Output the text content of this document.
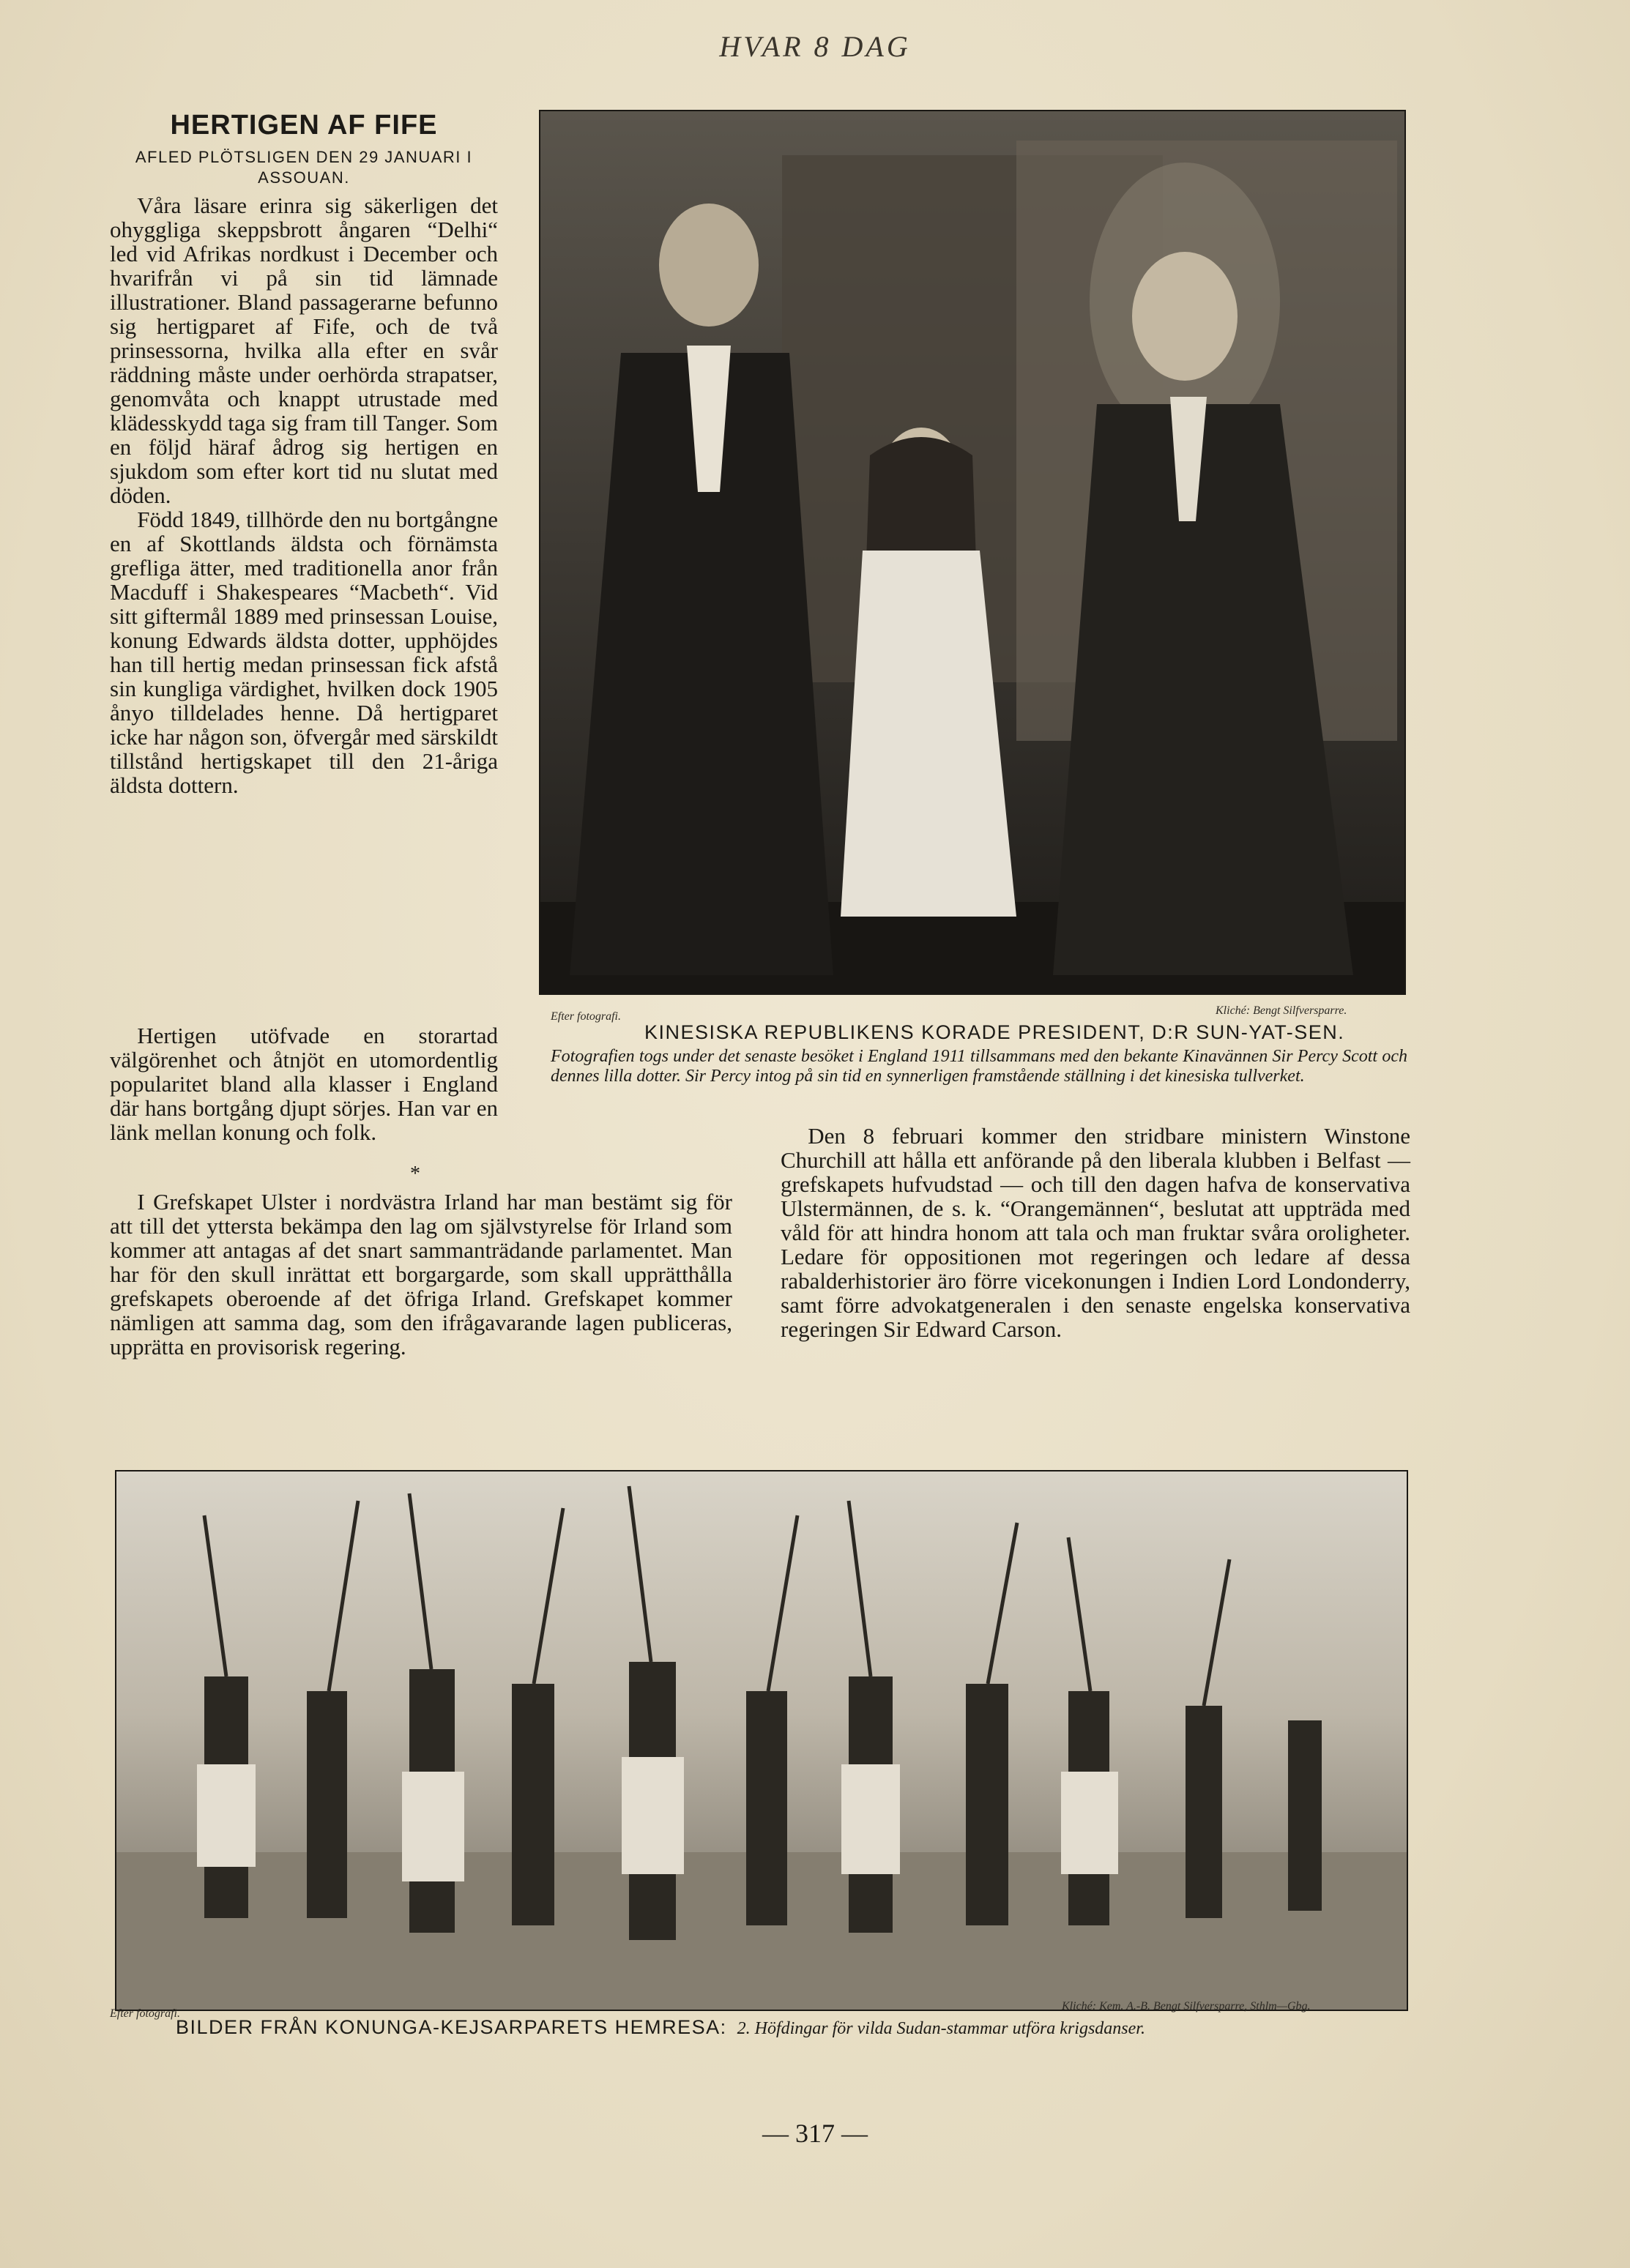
HVAR 8 DAG
HERTIGEN AF FIFE
AFLED PLÖTSLIGEN DEN 29 JANUARI I ASSOUAN.

Våra läsare erinra sig säkerligen det ohyggliga skeppsbrott ångaren “Delhi“ led vid Afrikas nordkust i December och hvarifrån vi på sin tid lämnade illustrationer. Bland passagerarne befunno sig hertigparet af Fife, och de två prinsessorna, hvilka alla efter en svår räddning måste under oerhörda strapatser, genomvåta och knappt utrustade med klädesskydd taga sig fram till Tanger. Som en följd häraf ådrog sig hertigen en sjukdom som efter kort tid nu slutat med döden.

Född 1849, tillhörde den nu bortgångne en af Skottlands äldsta och förnämsta grefliga ätter, med traditionella anor från Macduff i Shakespeares “Macbeth“. Vid sitt giftermål 1889 med prinsessan Louise, konung Edwards äldsta dotter, upphöjdes han till hertig medan prinsessan fick afstå sin kungliga värdighet, hvilken dock 1905 ånyo tilldelades henne. Då hertigparet icke har någon son, öfvergår med särskildt tillstånd hertigskapet till den 21-åriga äldsta dottern.

Efter fotografi.	Kliché: Bengt Silfversparre.
KINESISKA REPUBLIKENS KORADE PRESIDENT, D:R SUN-YAT-SEN.
Fotografien togs under det senaste besöket i England 1911 tillsammans med den bekante Kinavännen Sir Percy Scott och dennes lilla dotter. Sir Percy intog på sin tid en synnerligen framstående ställning i det kinesiska tullverket.

Hertigen utöfvade en storartad välgörenhet och åtnjöt en utomordentlig popularitet bland alla klasser i England där hans bortgång djupt sörjes. Han var en länk mellan konung och folk.

*

I Grefskapet Ulster i nordvästra Irland har man bestämt sig för att till det yttersta bekämpa den lag om självstyrelse för Irland som kommer att antagas af det snart sammanträdande parlamentet. Man har för den skull inrättat ett borgargarde, som skall upprätthålla grefskapets oberoende af det öfriga Irland. Grefskapet kommer nämligen att samma dag, som den ifrågavarande lagen publiceras, upprätta en provisorisk regering.

Den 8 februari kommer den stridbare ministern Winstone Churchill att hålla ett anförande på den liberala klubben i Belfast — grefskapets hufvudstad — och till den dagen hafva de konservativa Ulstermännen, de s. k. “Orangemännen“, beslutat att uppträda med våld för att hindra honom att tala och man fruktar svåra oroligheter. Ledare för oppositionen mot regeringen och ledare af dessa rabalderhistorier äro förre vicekonungen i Indien Lord Londonderry, samt förre advokatgeneralen i den senaste engelska konservativa regeringen Sir Edward Carson.

Efter fotografi.
Kliché: Kem. A.-B. Bengt Silfversparre, Sthlm—Gbg.
BILDER FRÅN KONUNGA-KEJSARPARETS HEMRESA: 2. Höfdingar för vilda Sudan-stammar utföra krigsdanser.
— 317 —
